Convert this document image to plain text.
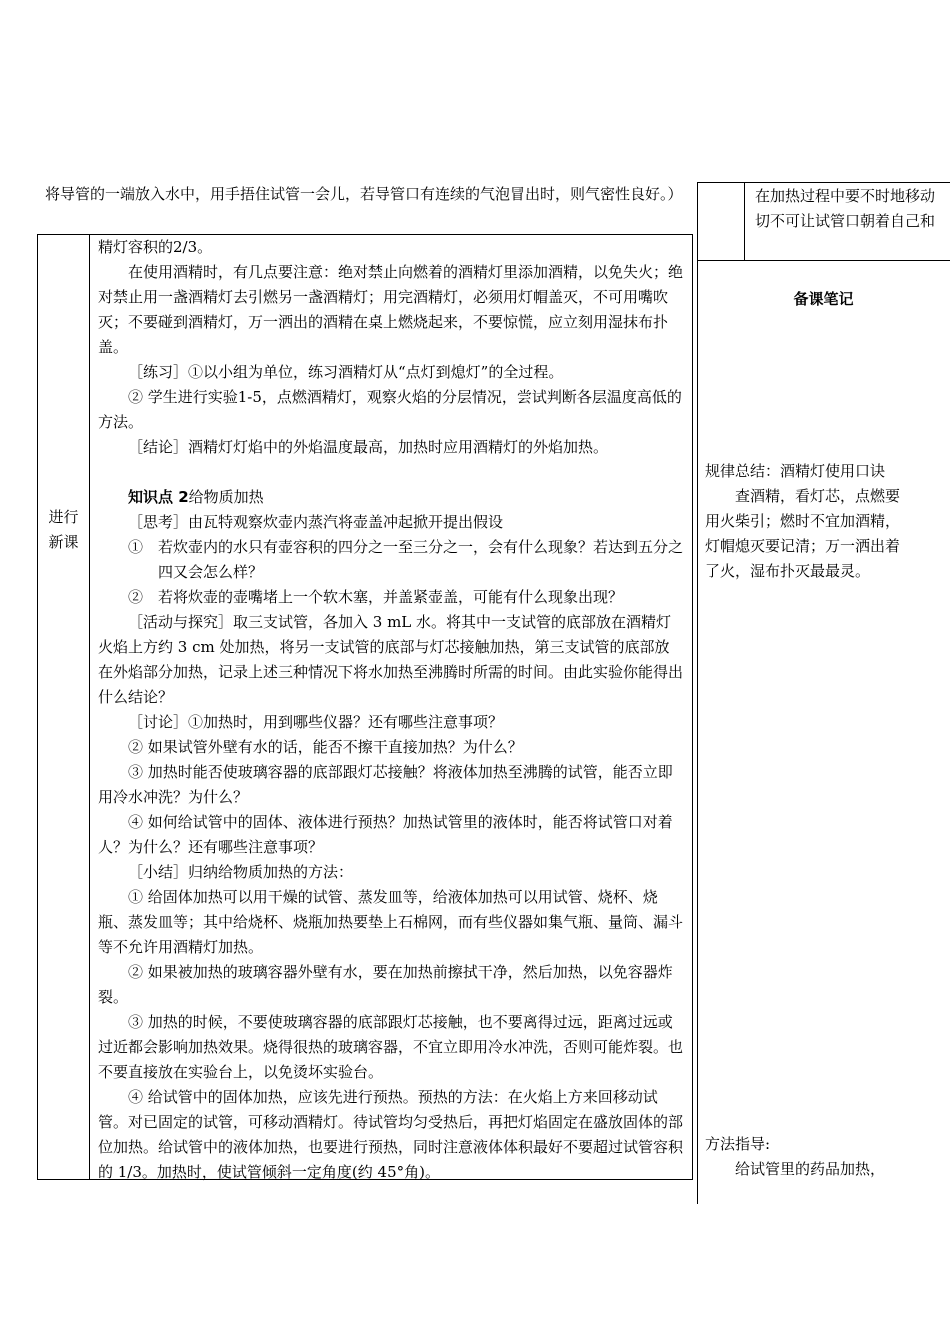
将导管的一端放入水中，用手捂住试管一会儿，若导管口有连续的气泡冒出时，则气密性良好。）	在加热过程中要不时地移动
切不可让试管口朝着自己和
进行
新课

精灯容积的2/3。

在使用酒精时，有几点要注意：绝对禁止向燃着的酒精灯里添加酒精，以免失火；绝对禁止用一盏酒精灯去引燃另一盏酒精灯；用完酒精灯，必须用灯帽盖灭，不可用嘴吹灭；不要碰到酒精灯，万一洒出的酒精在桌上燃烧起来，不要惊慌，应立刻用湿抹布扑盖。

［练习］①以小组为单位，练习酒精灯从“点灯到熄灯”的全过程。

② 学生进行实验1-5，点燃酒精灯，观察火焰的分层情况，尝试判断各层温度高低的方法。

［结论］酒精灯灯焰中的外焰温度最高，加热时应用酒精灯的外焰加热。

知识点 2给物质加热

［思考］由瓦特观察炊壶内蒸汽将壶盖冲起掀开提出假设

①　若炊壶内的水只有壶容积的四分之一至三分之一，会有什么现象？若达到五分之四又会怎么样？

②　若将炊壶的壶嘴堵上一个软木塞，并盖紧壶盖，可能有什么现象出现？

［活动与探究］取三支试管，各加入 3 mL 水。将其中一支试管的底部放在酒精灯火焰上方约 3 cm 处加热，将另一支试管的底部与灯芯接触加热，第三支试管的底部放在外焰部分加热，记录上述三种情况下将水加热至沸腾时所需的时间。由此实验你能得出什么结论？

［讨论］①加热时，用到哪些仪器？还有哪些注意事项？

② 如果试管外壁有水的话，能否不擦干直接加热？为什么？

③ 加热时能否使玻璃容器的底部跟灯芯接触？将液体加热至沸腾的试管，能否立即用冷水冲洗？为什么？

④ 如何给试管中的固体、液体进行预热？加热试管里的液体时，能否将试管口对着人？为什么？还有哪些注意事项？

［小结］归纳给物质加热的方法：

① 给固体加热可以用干燥的试管、蒸发皿等，给液体加热可以用试管、烧杯、烧瓶、蒸发皿等；其中给烧杯、烧瓶加热要垫上石棉网，而有些仪器如集气瓶、量筒、漏斗等不允许用酒精灯加热。

② 如果被加热的玻璃容器外壁有水，要在加热前擦拭干净，然后加热，以免容器炸裂。

③ 加热的时候，不要使玻璃容器的底部跟灯芯接触，也不要离得过远，距离过远或过近都会影响加热效果。烧得很热的玻璃容器，不宜立即用冷水冲洗，否则可能炸裂。也不要直接放在实验台上，以免烫坏实验台。

④ 给试管中的固体加热，应该先进行预热。预热的方法：在火焰上方来回移动试管。对已固定的试管，可移动酒精灯。待试管均匀受热后，再把灯焰固定在盛放固体的部位加热。给试管中的液体加热，也要进行预热，同时注意液体体积最好不要超过试管容积的 1/3。加热时，使试管倾斜一定角度(约 45°角)。

备课笔记

规律总结：酒精灯使用口诀

查酒精，看灯芯，点燃要用火柴引；燃时不宜加酒精，灯帽熄灭要记清；万一洒出着了火，湿布扑灭最最灵。

方法指导:

给试管里的药品加热，
